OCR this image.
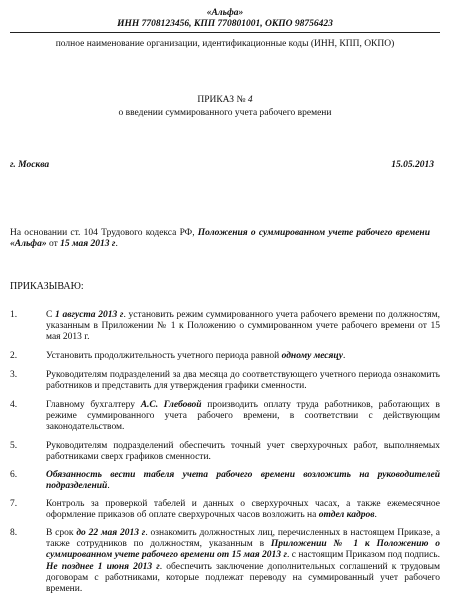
«Альфа»
ИНН 7708123456, КПП 770801001, ОКПО 98756423
полное наименование организации, идентификационные коды (ИНН, КПП, ОКПО)
ПРИКАЗ № 4
о введении суммированного учета рабочего времени
г. Москва	15.05.2013
На основании ст. 104 Трудового кодекса РФ, Положения о суммированном учете рабочего времени «Альфа» от 15 мая 2013 г.
ПРИКАЗЫВАЮ:
1.	С 1 августа 2013 г. установить режим суммированного учета рабочего времени по должностям, указанным в Приложении № 1 к Положению о суммированном учете рабочего времени от 15 мая 2013 г.
2.	Установить продолжительность учетного периода равной одному месяцу.
3.	Руководителям подразделений за два месяца до соответствующего учетного периода ознакомить работников и представить для утверждения графики сменности.
4.	Главному бухгалтеру А.С. Глебовой производить оплату труда работников, работающих в режиме суммированного учета рабочего времени, в соответствии с действующим законодательством.
5.	Руководителям подразделений обеспечить точный учет сверхурочных работ, выполняемых работниками сверх графиков сменности.
6.	Обязанность вести табеля учета рабочего времени возложить на руководителей подразделений.
7.	Контроль за проверкой табелей и данных о сверхурочных часах, а также ежемесячное оформление приказов об оплате сверхурочных часов возложить на отдел кадров.
8.	В срок до 22 мая 2013 г. ознакомить должностных лиц, перечисленных в настоящем Приказе, а также сотрудников по должностям, указанным в Приложении № 1 к Положению о суммированном учете рабочего времени от 15 мая 2013 г. с настоящим Приказом под подпись. Не позднее 1 июня 2013 г. обеспечить заключение дополнительных соглашений к трудовым договорам с работниками, которые подлежат переводу на суммированный учет рабочего времени.
